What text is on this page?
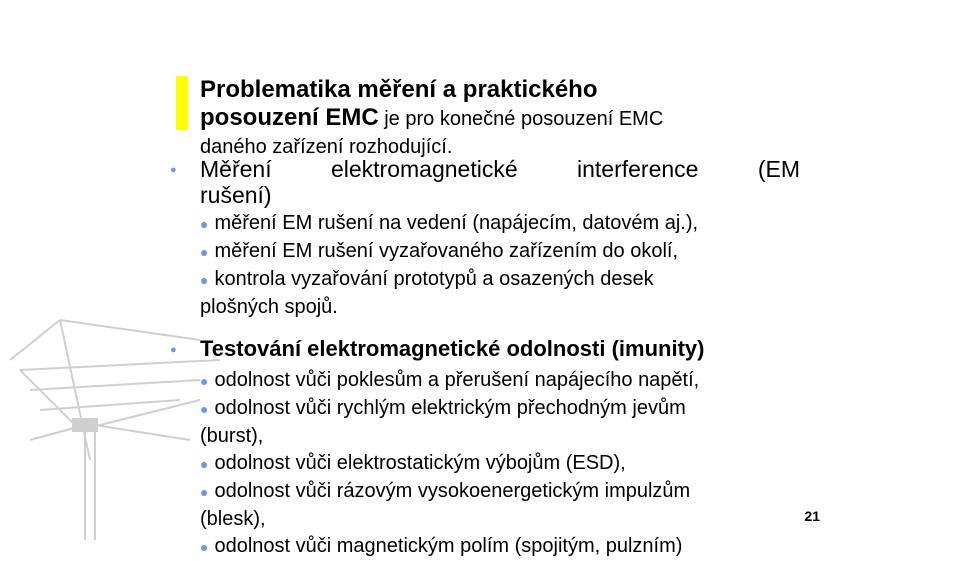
Problematika měření a praktického
posouzení EMC je pro konečné posouzení EMC
daného zařízení rozhodující.
● Měření elektromagnetické interference (EM
rušení)
● měření EM rušení na vedení (napájecím, datovém aj.),
● měření EM rušení vyzařovaného zařízením do okolí,
● kontrola vyzařování prototypů a osazených desek
plošných spojů.
● Testování elektromagnetické odolnosti (imunity)
● odolnost vůči poklesům a přerušení napájecího napětí,
● odolnost vůči rychlým elektrickým přechodným jevům
(burst),
● odolnost vůči elektrostatickým výbojům (ESD),
● odolnost vůči rázovým vysokoenergetickým impulzům
(blesk),
● odolnost vůči magnetickým polím (spojitým, pulzním)
21
